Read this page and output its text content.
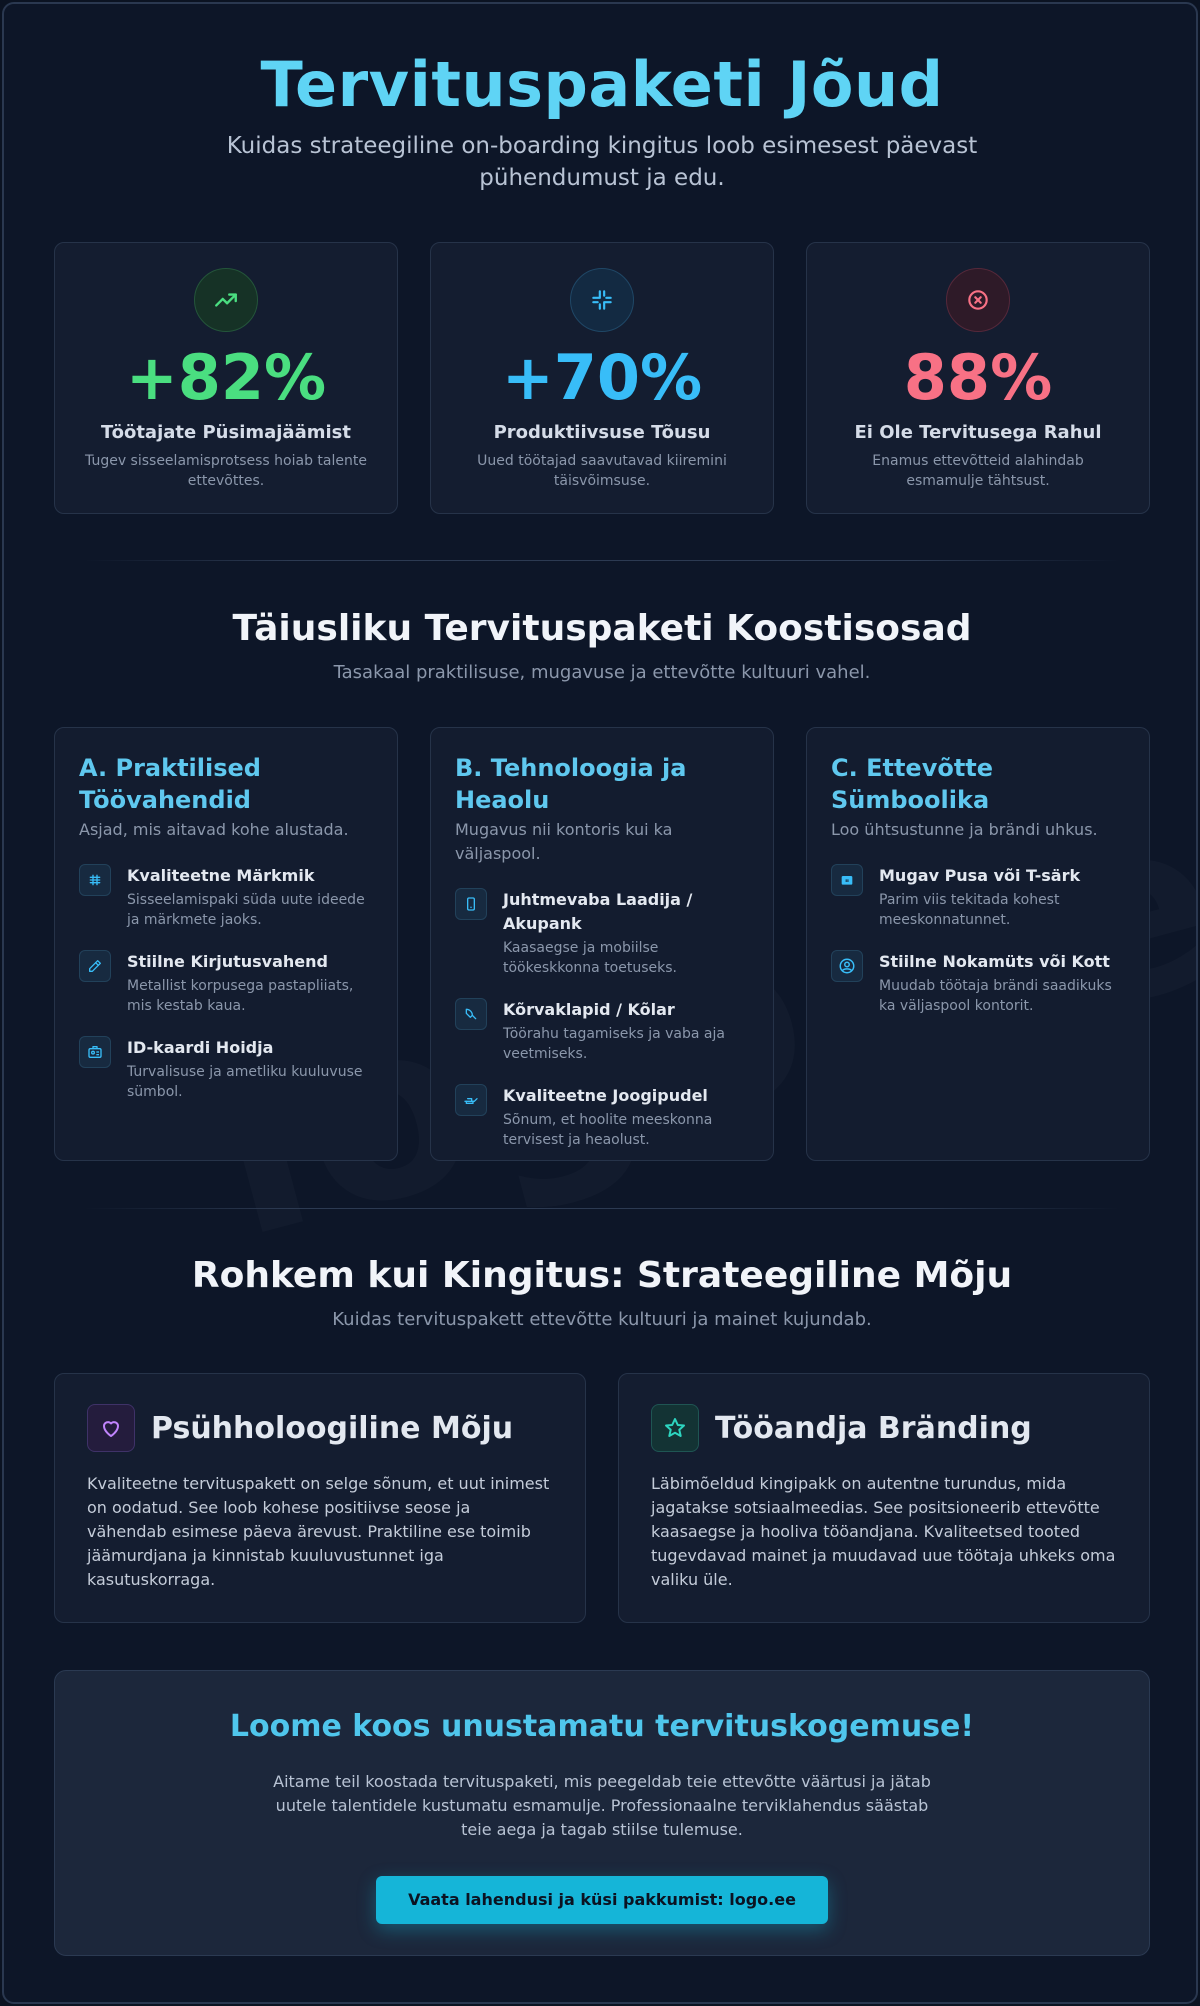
Tervituspaketi Jõud

Kuidas strateegiline on-boarding kingitus loob esimesest päevast pühendumust ja edu.

+82%
Töötajate Püsimajäämist
Tugev sisseelamisprotsess hoiab talente ettevõttes.
+70%
Produktiivsuse Tõusu
Uued töötajad saavutavad kiiremini täisvõimsuse.
88%
Ei Ole Tervitusega Rahul
Enamus ettevõtteid alahindab esmamulje tähtsust.
Täiusliku Tervituspaketi Koostisosad

Tasakaal praktilisuse, mugavuse ja ettevõtte kultuuri vahel.

A. Praktilised Töövahendid
Asjad, mis aitavad kohe alustada.
Kvaliteetne Märkmik
Sisseelamispaki süda uute ideede ja märkmete jaoks.
Stiilne Kirjutusvahend
Metallist korpusega pastapliiats, mis kestab kaua.
ID-kaardi Hoidja
Turvalisuse ja ametliku kuuluvuse sümbol.
B. Tehnoloogia ja Heaolu
Mugavus nii kontoris kui ka väljaspool.
Juhtmevaba Laadija / Akupank
Kaasaegse ja mobiilse töökeskkonna toetuseks.
Kõrvaklapid / Kõlar
Töörahu tagamiseks ja vaba aja veetmiseks.
Kvaliteetne Joogipudel
Sõnum, et hoolite meeskonna tervisest ja heaolust.
C. Ettevõtte Sümboolika
Loo ühtsustunne ja brändi uhkus.
Mugav Pusa või T-särk
Parim viis tekitada kohest meeskonnatunnet.
Stiilne Nokamüts või Kott
Muudab töötaja brändi saadikuks ka väljaspool kontorit.
Rohkem kui Kingitus: Strateegiline Mõju

Kuidas tervituspakett ettevõtte kultuuri ja mainet kujundab.

Psühholoogiline Mõju

Kvaliteetne tervituspakett on selge sõnum, et uut inimest on oodatud. See loob kohese positiivse seose ja vähendab esimese päeva ärevust. Praktiline ese toimib jäämurdjana ja kinnistab kuuluvustunnet iga kasutuskorraga.

Tööandja Bränding

Läbimõeldud kingipakk on autentne turundus, mida jagatakse sotsiaalmeedias. See positsioneerib ettevõtte kaasaegse ja hooliva tööandjana. Kvaliteetsed tooted tugevdavad mainet ja muudavad uue töötaja uhkeks oma valiku üle.

Loome koos unustamatu tervituskogemuse!

Aitame teil koostada tervituspaketi, mis peegeldab teie ettevõtte väärtusi ja jätab uutele talentidele kustumatu esmamulje. Professionaalne terviklahendus säästab teie aega ja tagab stiilse tulemuse.

Vaata lahendusi ja küsi pakkumist: logo.ee
